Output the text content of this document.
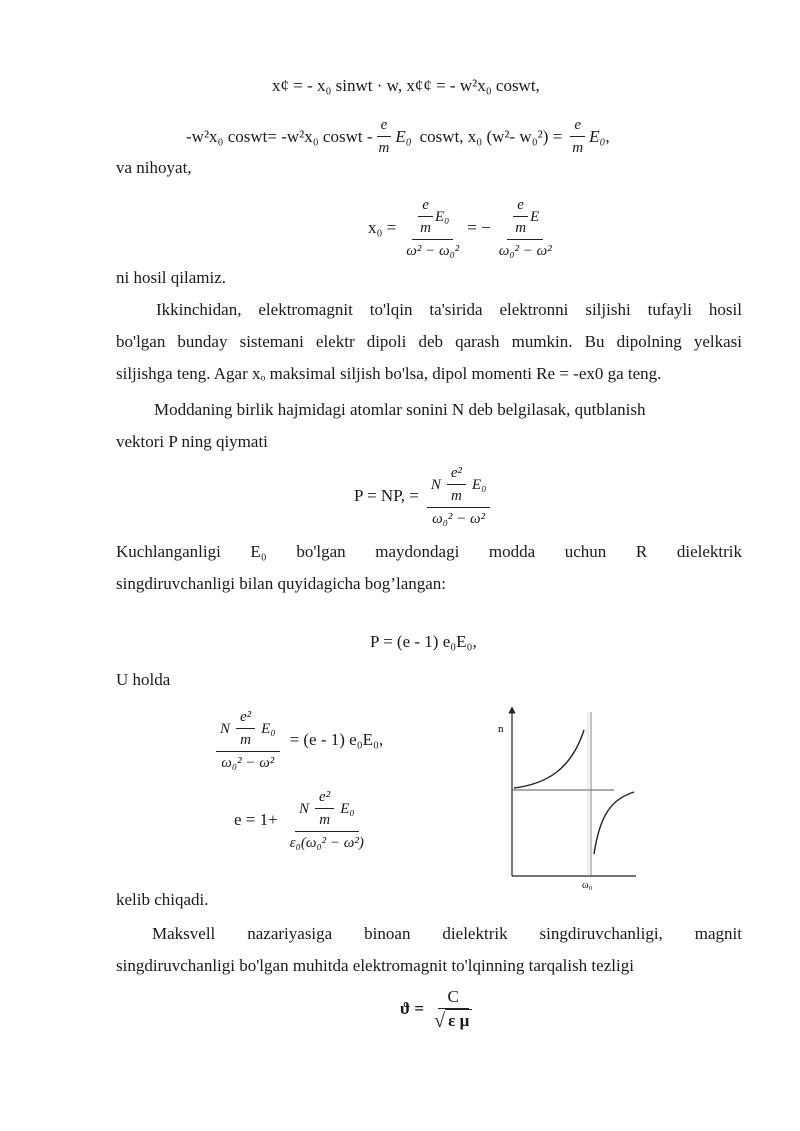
x¢ = - x₀ sinwt · w, x¢¢ = - w²x₀ coswt,
-w²x₀ coswt= -w²x₀ coswt - $\frac{e}{m} E_0$ coswt, x₀ (w²- $w_0^2) = \frac{e}{m} E_0$ ,
va nihoyat,
$x_0 = \frac{\frac{e}{m} E_0}{\text{ω² − ω₀²}}$ = − $\frac{\frac{e}{m} E}{\text{ω₀² − ω²}}$
ni hosil qilamiz.
Ikkinchidan, elektromagnit to'lqin ta'sirida elektronni siljishi tufayli hosil
bo'lgan bunday sistemani elektr dipoli deb qarash mumkin. Bu dipolning yelkasi
siljishga teng. Agar xₒ maksimal siljish bo'lsa, dipol momenti Re = -ex0 ga teng.
Moddaning birlik hajmidagi atomlar sonini N deb belgilasak, qutblanish
vektori P ning qiymati
P = NP, = $\frac{N \frac{\text{e²}}{m} E_0}{\text{ω₀² − ω²}}$
Kuchlanganligi E₀ bo'lgan maydondagi modda uchun R dielektrik
singdiruvchanligi bilan quyidagicha bog’langan:
P = (e - 1) e₀E₀,
U holda
$\frac{N \frac{\text{e²}}{m} E_0}{\text{ω₀² − ω²}} = (e - 1)$ e₀E₀,
$e = 1+ \frac{N \frac{\text{e²}}{m} E_0}{\text{ε₀(ω₀² − ω²)}}$
n
ω₀
kelib chiqadi.
Maksvell nazariyasiga binoan dielektrik singdiruvchanligi, magnit
singdiruvchanligi bo'lgan muhitda elektromagnit to'lqinning tarqalish tezligi
$ϑ = \frac{C}{\text{√ ε μ}}$
